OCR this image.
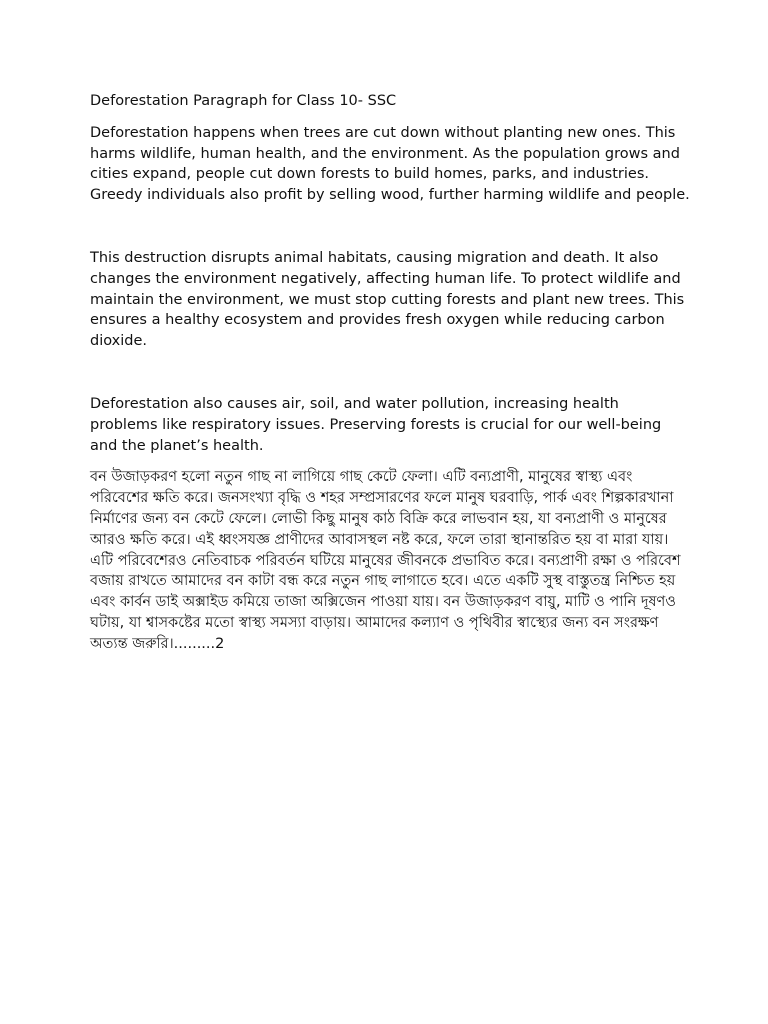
Deforestation Paragraph for Class 10- SSC

Deforestation happens when trees are cut down without planting new ones. This harms wildlife, human health, and the environment. As the population grows and cities expand, people cut down forests to build homes, parks, and industries. Greedy individuals also profit by selling wood, further harming wildlife and people.

This destruction disrupts animal habitats, causing migration and death. It also changes the environment negatively, affecting human life. To protect wildlife and maintain the environment, we must stop cutting forests and plant new trees. This ensures a healthy ecosystem and provides fresh oxygen while reducing carbon dioxide.

Deforestation also causes air, soil, and water pollution, increasing health problems like respiratory issues. Preserving forests is crucial for our well-being and the planet’s health.

বন উজাড়করণ হলো নতুন গাছ না লাগিয়ে গাছ কেটে ফেলা। এটি বন্যপ্রাণী, মানুষের স্বাস্থ্য এবং পরিবেশের ক্ষতি করে। জনসংখ্যা বৃদ্ধি ও শহর সম্প্রসারণের ফলে মানুষ ঘরবাড়ি, পার্ক এবং শিল্পকারখানা নির্মাণের জন্য বন কেটে ফেলে। লোভী কিছু মানুষ কাঠ বিক্রি করে লাভবান হয়, যা বন্যপ্রাণী ও মানুষের আরও ক্ষতি করে। এই ধ্বংসযজ্ঞ প্রাণীদের আবাসস্থল নষ্ট করে, ফলে তারা স্থানান্তরিত হয় বা মারা যায়। এটি পরিবেশেরও নেতিবাচক পরিবর্তন ঘটিয়ে মানুষের জীবনকে প্রভাবিত করে। বন্যপ্রাণী রক্ষা ও পরিবেশ বজায় রাখতে আমাদের বন কাটা বন্ধ করে নতুন গাছ লাগাতে হবে। এতে একটি সুস্থ বাস্তুতন্ত্র নিশ্চিত হয় এবং কার্বন ডাই অক্সাইড কমিয়ে তাজা অক্সিজেন পাওয়া যায়। বন উজাড়করণ বায়ু, মাটি ও পানি দূষণও ঘটায়, যা শ্বাসকষ্টের মতো স্বাস্থ্য সমস্যা বাড়ায়। আমাদের কল্যাণ ও পৃথিবীর স্বাস্থ্যের জন্য বন সংরক্ষণ অত্যন্ত জরুরি।.........2
